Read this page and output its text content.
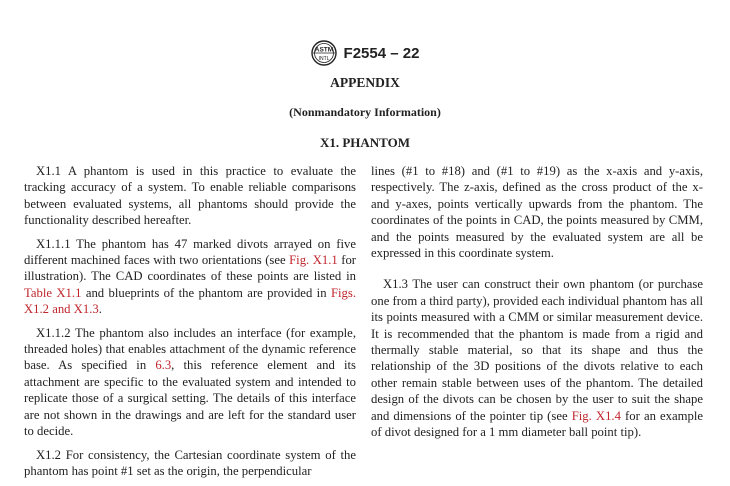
ASTM
INTL F2554 – 22
APPENDIX
(Nonmandatory Information)
X1. PHANTOM

X1.1 A phantom is used in this practice to evaluate the tracking accuracy of a system. To enable reliable comparisons between evaluated systems, all phantoms should provide the functionality described hereafter.

X1.1.1 The phantom has 47 marked divots arrayed on five different machined faces with two orientations (see Fig. X1.1 for illustration). The CAD coordinates of these points are listed in Table X1.1 and blueprints of the phantom are provided in Figs. X1.2 and X1.3.

X1.1.2 The phantom also includes an interface (for example, threaded holes) that enables attachment of the dynamic reference base. As specified in 6.3, this reference element and its attachment are specific to the evaluated system and intended to replicate those of a surgical setting. The details of this interface are not shown in the drawings and are left for the standard user to decide.

X1.2 For consistency, the Cartesian coordinate system of the phantom has point #1 set as the origin, the perpendicular

lines (#1 to #18) and (#1 to #19) as the x-axis and y-axis, respectively. The z-axis, defined as the cross product of the x- and y-axes, points vertically upwards from the phantom. The coordinates of the points in CAD, the points measured by CMM, and the points measured by the evaluated system are all be expressed in this coordinate system.

X1.3 The user can construct their own phantom (or purchase one from a third party), provided each individual phantom has all its points measured with a CMM or similar measurement device. It is recommended that the phantom is made from a rigid and thermally stable material, so that its shape and thus the relationship of the 3D positions of the divots relative to each other remain stable between uses of the phantom. The detailed design of the divots can be chosen by the user to suit the shape and dimensions of the pointer tip (see Fig. X1.4 for an example of divot designed for a 1 mm diameter ball point tip).
